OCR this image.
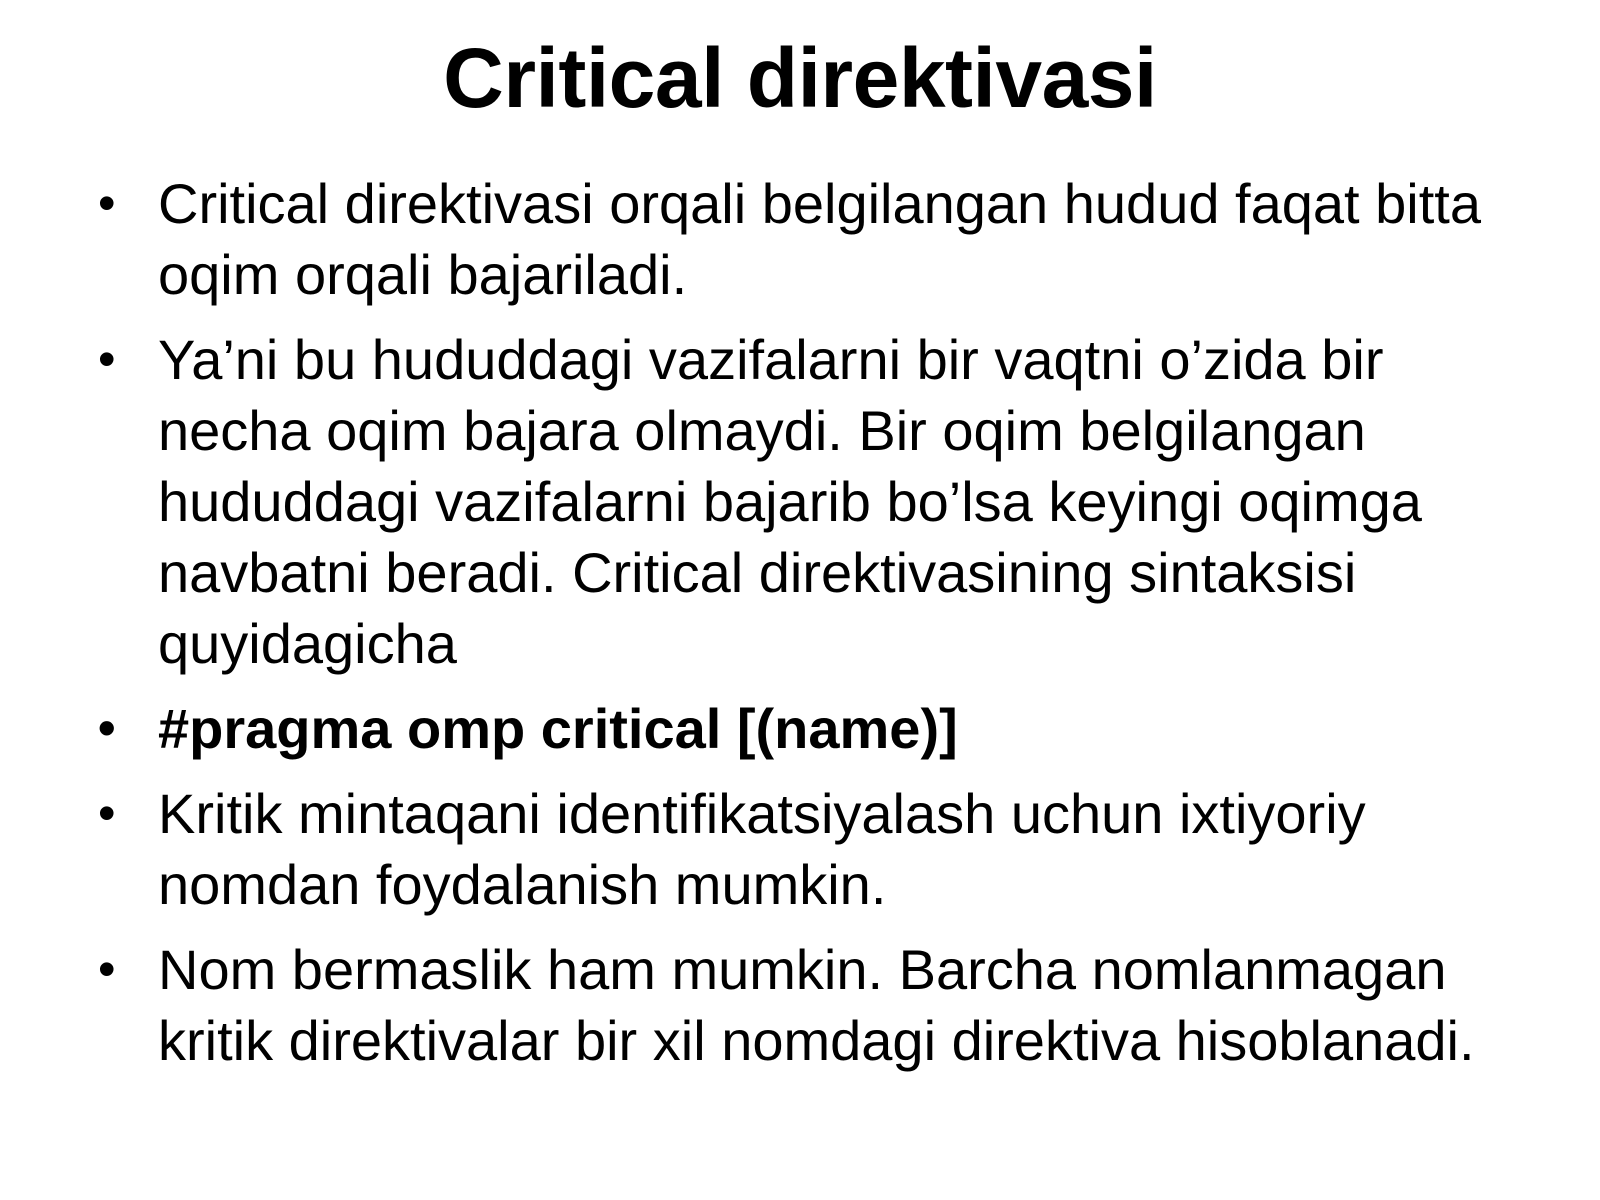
Critical direktivasi
• Critical direktivasi orqali belgilangan hudud faqat bitta oqim orqali bajariladi.
• Ya’ni bu hududdagi vazifalarni bir vaqtni o’zida bir necha oqim bajara olmaydi. Bir oqim belgilangan hududdagi vazifalarni bajarib bo’lsa keyingi oqimga navbatni beradi. Critical direktivasining sintaksisi quyidagicha
• #pragma omp critical [(name)]
• Kritik mintaqani identifikatsiyalash uchun ixtiyoriy nomdan foydalanish mumkin.
• Nom bermaslik ham mumkin. Barcha nomlanmagan kritik direktivalar bir xil nomdagi direktiva hisoblanadi.
